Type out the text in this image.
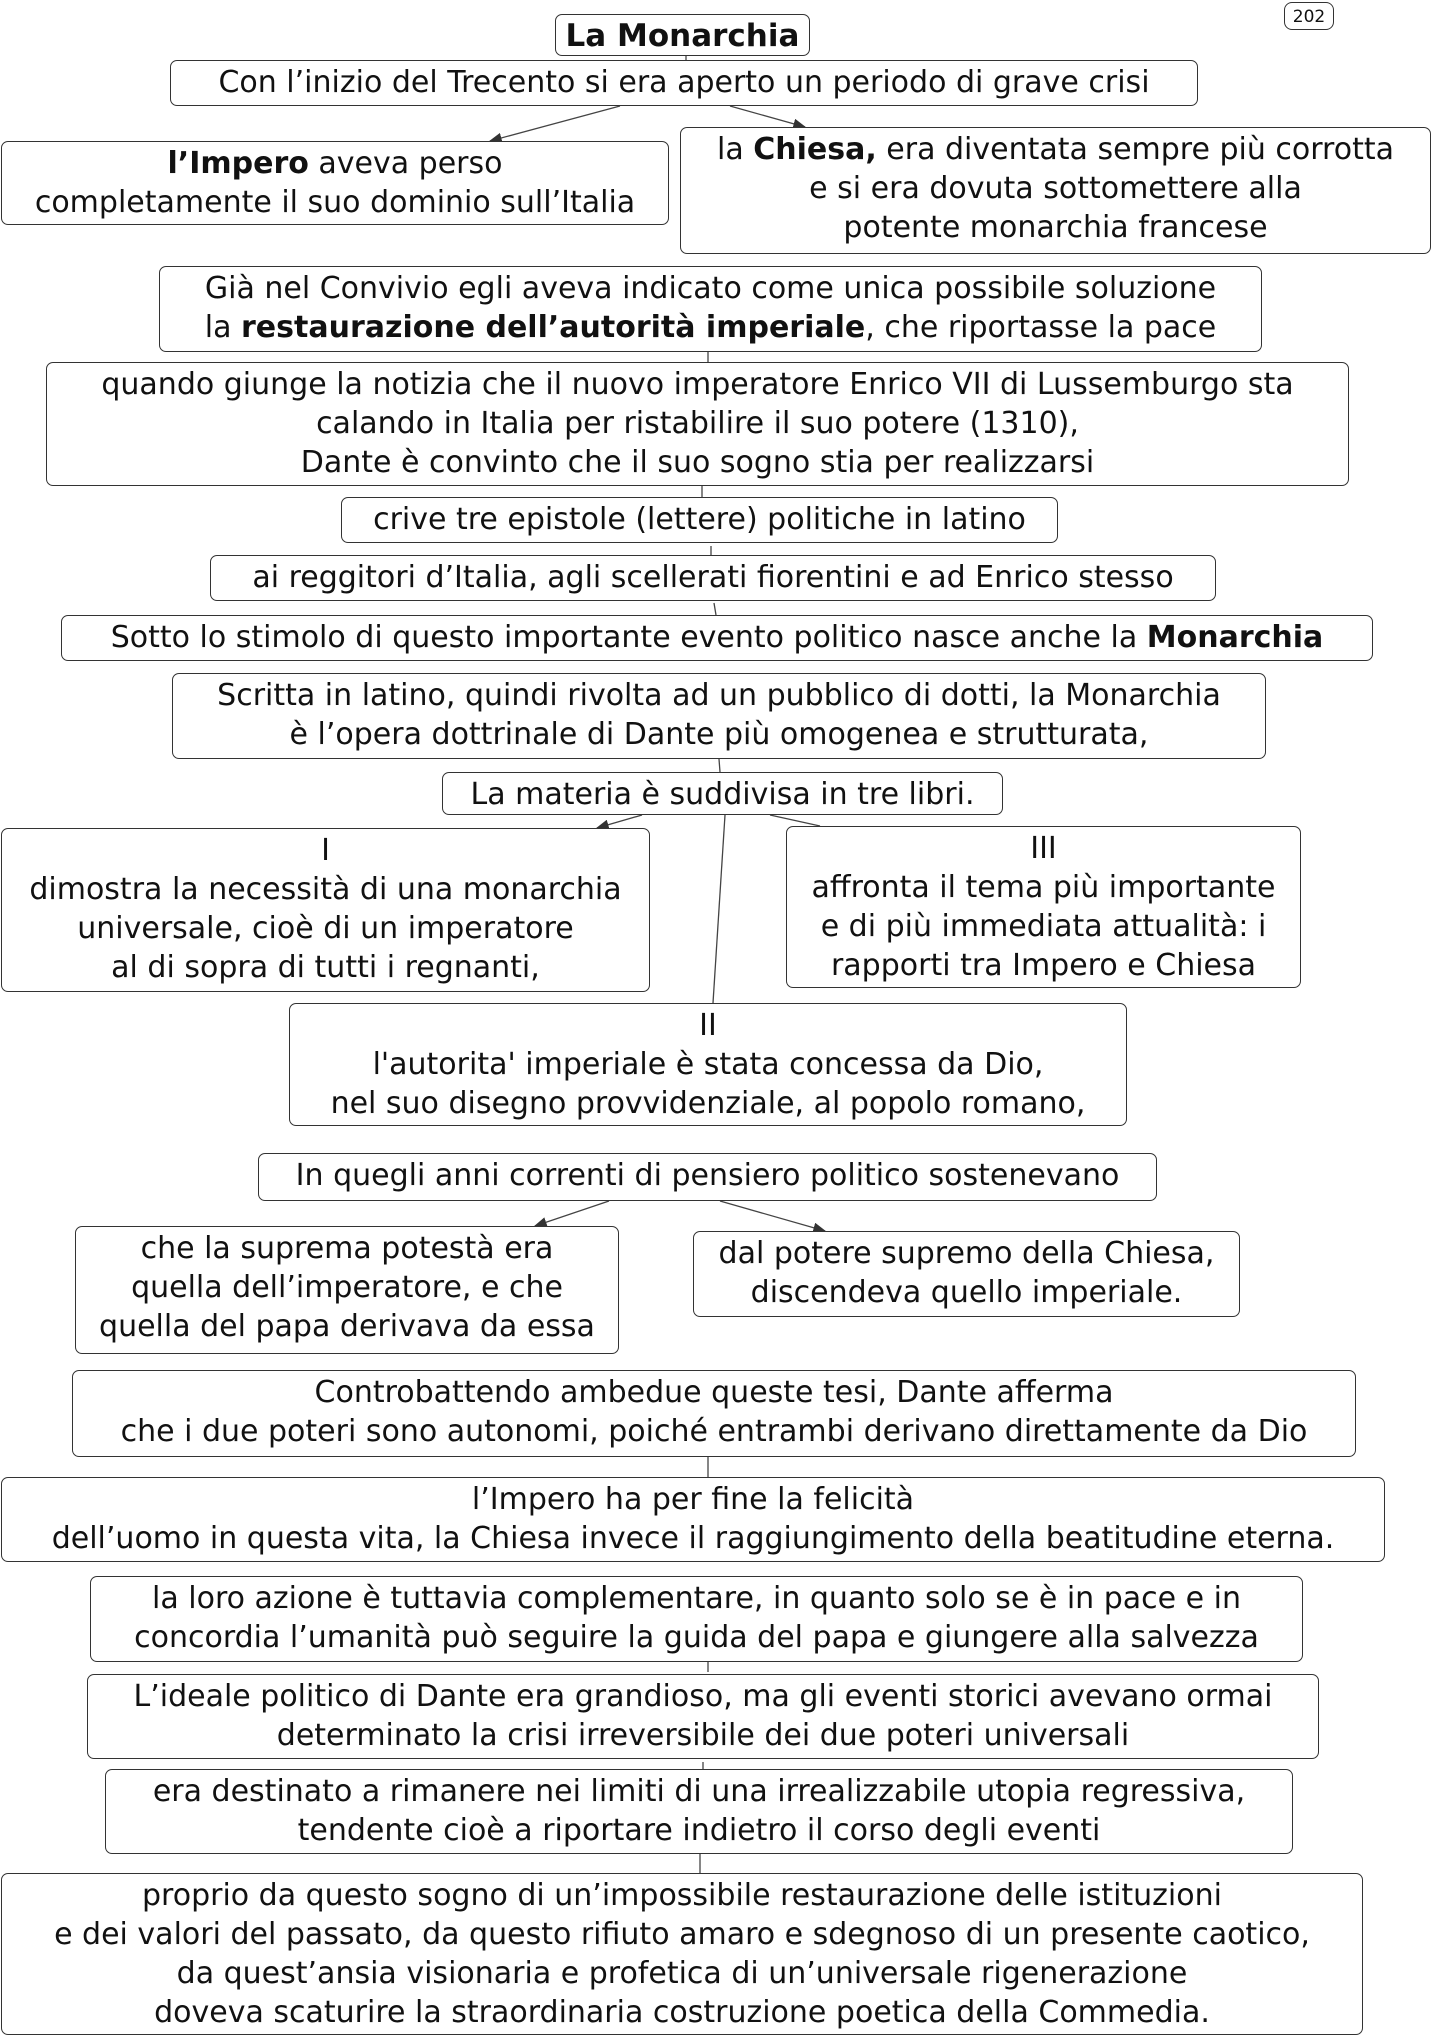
202
La Monarchia
Con l’inizio del Trecento si era aperto un periodo di grave crisi
l’Impero aveva perso
completamente il suo dominio sull’Italia
la Chiesa, era diventata sempre più corrotta
e si era dovuta sottomettere alla
potente monarchia francese
Già nel Convivio egli aveva indicato come unica possibile soluzione
la restaurazione dell’autorità imperiale, che riportasse la pace
quando giunge la notizia che il nuovo imperatore Enrico VII di Lussemburgo sta
calando in Italia per ristabilire il suo potere (1310),
Dante è convinto che il suo sogno stia per realizzarsi
crive tre epistole (lettere) politiche in latino
ai reggitori d’Italia, agli scellerati fiorentini e ad Enrico stesso
Sotto lo stimolo di questo importante evento politico nasce anche la Monarchia
Scritta in latino, quindi rivolta ad un pubblico di dotti, la Monarchia
è l’opera dottrinale di Dante più omogenea e strutturata,
La materia è suddivisa in tre libri.
I
dimostra la necessità di una monarchia
universale, cioè di un imperatore
al di sopra di tutti i regnanti,
III
affronta il tema più importante
e di più immediata attualità: i
rapporti tra Impero e Chiesa
II
l'autorita' imperiale è stata concessa da Dio,
nel suo disegno provvidenziale, al popolo romano,
In quegli anni correnti di pensiero politico sostenevano
che la suprema potestà era
quella dell’imperatore, e che
quella del papa derivava da essa
dal potere supremo della Chiesa,
discendeva quello imperiale.
Controbattendo ambedue queste tesi, Dante afferma
che i due poteri sono autonomi, poiché entrambi derivano direttamente da Dio
l’Impero ha per fine la felicità
dell’uomo in questa vita, la Chiesa invece il raggiungimento della beatitudine eterna.
la loro azione è tuttavia complementare, in quanto solo se è in pace e in
concordia l’umanità può seguire la guida del papa e giungere alla salvezza
L’ideale politico di Dante era grandioso, ma gli eventi storici avevano ormai
determinato la crisi irreversibile dei due poteri universali
era destinato a rimanere nei limiti di una irrealizzabile utopia regressiva,
tendente cioè a riportare indietro il corso degli eventi
proprio da questo sogno di un’impossibile restaurazione delle istituzioni
e dei valori del passato, da questo rifiuto amaro e sdegnoso di un presente caotico,
da quest’ansia visionaria e profetica di un’universale rigenerazione
doveva scaturire la straordinaria costruzione poetica della Commedia.
